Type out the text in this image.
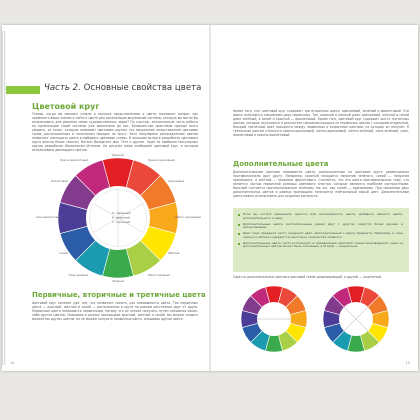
Часть 2. Основные свойства цвета
Цветовой круг
Теперь, когда вы немного узнали о научных представлениях о цвете, возникает вопрос: как применить ваши знания о свете и цвете для организации визуальной системы, которую вы могли бы использовать для решения своих художественных задач? По счастью, значительную часть работы по организации такой системы уже выполнили до нас. Большинство практиков прежде всего увидеть, из колес, которую называют цветовым кругом; это визуальное представление цветовых тонов, расположенных в логическом порядке по кругу. Хотя популярное распределение цветов позволяет уменьшить цвета и выбирать цветовые схемы. В прошлом вклад в разработку цветового круга внесли Исаак Ньютон, Иоганн Вольфганг фон Гёте и другие. Один из наиболее популярных кругов разработан Иоханнесом Иттеном. На рисунке ниже изображён цветовой круг, в котором использовано двенадцать цветов.
П – первичный
В – вторичный
Т – третичный
Красный
Красно-фиолетовый	Красно-оранжевый
Фиолетовый	Оранжевый
Сине-фиолетовый	Жёлто-оранжевый
Синий	Жёлтый
Сине-зелёный	Жёлто-зелёный
Зелёный
Первичные, вторичные и третичные цвета
Цветовой круг полезен уже тем, что позволяет понять, как смешиваются цвета. Три первичных цвета — красный, жёлтый и синий — расположены в круге на равном расстоянии друг от друга. Первичные цвета называются первичными, потому что их нельзя получить путём смешения каких-либо других цветов. Смешивая в разных пропорциях красный, жёлтый и синий, мы можем создать множество других цветов, но не можем получить первичные цвета, смешивая другие цвета.
14
Кроме того, этот цветовой круг содержит три вторичных цвета: оранжевый, зелёный и фиолетовый. Эти цвета получаются смешением двух первичных. Так, красный и жёлтый дают оранжевый, жёлтый и синий дают зелёный, а синий и красный — фиолетовый. Кроме того, цветовой круг содержит шесть третичных цветов, которые получаются в результате смешения каждого из первичных цветов с соседним вторичным. Каждый третичный цвет находится между первичным и вторичным цветами, из которых он получен. К третичным цветам относятся красно-оранжевый, жёлто-оранжевый, жёлто-зелёный, сине-зелёный, сине-фиолетовый и красно-фиолетовый.
Дополнительные цвета
Дополнительными цветами называются цвета, расположенные на цветовом круге диаметрально противоположно друг другу. Например, красный находится напротив зелёного, синий — напротив оранжевого, а жёлтый — напротив фиолетового. Считается, что эти цвета противоположны тому, что является частью первичной разницы цветового спектра, которые являются наиболее контрастными. Красный считается противоположным зелёному так же, как синий — оранжевому. При смешении двух дополнительных цветов в равных пропорциях получается нейтральный серый цвет. Дополнительные цвета можно использовать для создания контраста.
Если вы хотите уменьшить яркость или интенсивность цвета, добавьте немного цвета, дополнительного к нему.
Дополнительные цвета, расположенные рядом друг с другом, кажутся более яркими и интенсивными.
Цвет тени предмета часто содержит цвет, дополнительный к цвету предмета. Например, в тени красного яблока содержится некоторое количество зелёного.
Дополнительные цвета часто используют в определении цветовой схемы произведения: один из дополнительных цветов может быть основным, а второй — акцентным.
Один из дополнительных цветов в цветовой схеме доминирующий, а другой — акцентный.
15
